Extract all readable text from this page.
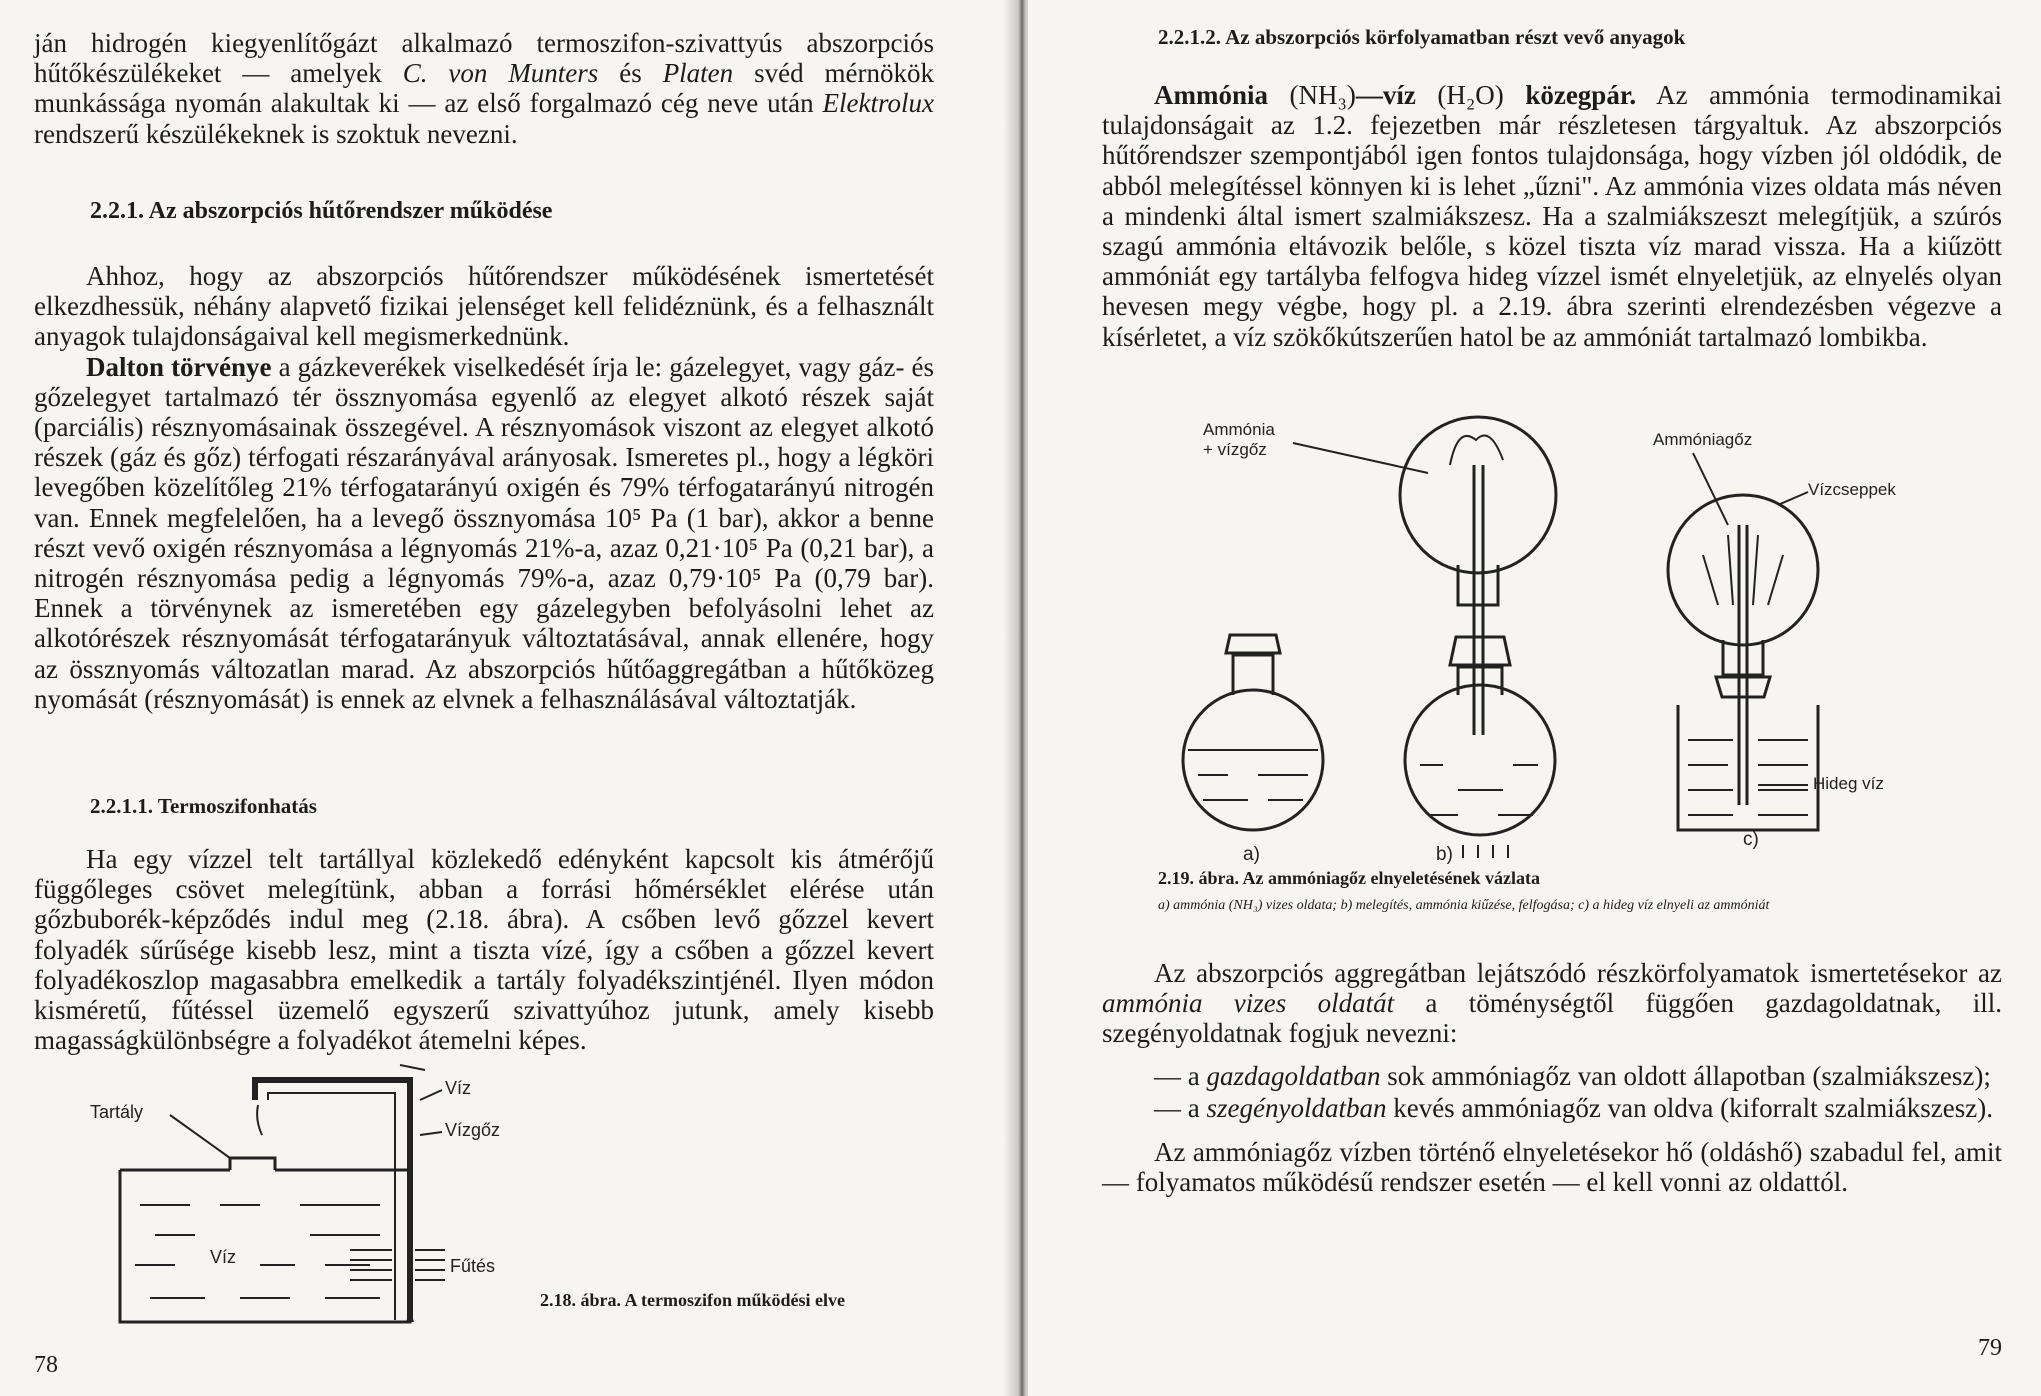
ján hidrogén kiegyenlítőgázt alkalmazó termoszifon-szivattyús abszorpciós hűtőkészülékeket — amelyek C. von Munters és Platen svéd mérnökök munkássága nyomán alakultak ki — az első forgalmazó cég neve után Elektrolux rendszerű készülékeknek is szoktuk nevezni.
2.2.1. Az abszorpciós hűtőrendszer működése

Ahhoz, hogy az abszorpciós hűtőrendszer működésének ismertetését elkezdhessük, néhány alapvető fizikai jelenséget kell felidéznünk, és a felhasznált anyagok tulajdonságaival kell megismerkednünk.

Dalton törvénye a gázkeverékek viselkedését írja le: gázelegyet, vagy gáz- és gőzelegyet tartalmazó tér össznyomása egyenlő az elegyet alkotó részek saját (parciális) résznyomásainak összegével. A résznyomások viszont az elegyet alkotó részek (gáz és gőz) térfogati részarányával arányosak. Ismeretes pl., hogy a légköri levegőben közelítőleg 21% térfogatarányú oxigén és 79% térfogatarányú nitrogén van. Ennek megfelelően, ha a levegő össznyomása 10⁵ Pa (1 bar), akkor a benne részt vevő oxigén résznyomása a légnyomás 21%-a, azaz 0,21·10⁵ Pa (0,21 bar), a nitrogén résznyomása pedig a légnyomás 79%-a, azaz 0,79·10⁵ Pa (0,79 bar). Ennek a törvénynek az ismeretében egy gázelegyben befolyásolni lehet az alkotórészek résznyomását térfogatarányuk változtatásával, annak ellenére, hogy az össznyomás változatlan marad. Az abszorpciós hűtőaggregátban a hűtőközeg nyomását (résznyomását) is ennek az elvnek a felhasználásával változtatják.

2.2.1.1. Termoszifonhatás

Ha egy vízzel telt tartállyal közlekedő edényként kapcsolt kis átmérőjű függőleges csövet melegítünk, abban a forrási hőmérséklet elérése után gőzbuborék-képződés indul meg (2.18. ábra). A csőben levő gőzzel kevert folyadék sűrűsége kisebb lesz, mint a tiszta vízé, így a csőben a gőzzel kevert folyadékoszlop magasabbra emelkedik a tartály folyadékszintjénél. Ilyen módon kisméretű, fűtéssel üzemelő egyszerű szivattyúhoz jutunk, amely kisebb magasságkülönbségre a folyadékot átemelni képes.

Tartály
Víz
Vízgőz
Víz	Fűtés
2.18. ábra. A termoszifon működési elve
78
2.2.1.2. Az abszorpciós körfolyamatban részt vevő anyagok

Ammónia (NH₃)—víz (H₂O) közegpár. Az ammónia termodinamikai tulajdonságait az 1.2. fejezetben már részletesen tárgyaltuk. Az abszorpciós hűtőrendszer szempontjából igen fontos tulajdonsága, hogy vízben jól oldódik, de abból melegítéssel könnyen ki is lehet „űzni". Az ammónia vizes oldata más néven a mindenki által ismert szalmiákszesz. Ha a szalmiákszeszt melegítjük, a szúrós szagú ammónia eltávozik belőle, s közel tiszta víz marad vissza. Ha a kiűzött ammóniát egy tartályba felfogva hideg vízzel ismét elnyeletjük, az elnyelés olyan hevesen megy végbe, hogy pl. a 2.19. ábra szerinti elrendezésben végezve a kísérletet, a víz szökőkútszerűen hatol be az ammóniát tartalmazó lombikba.

Ammónia
+ vízgőz
Ammóniagőz
Vízcseppek
Hideg víz
a)	b)
c)
2.19. ábra. Az ammóniagőz elnyeletésének vázlata
a) ammónia (NH₃) vizes oldata; b) melegítés, ammónia kiűzése, felfogása; c) a hideg víz elnyeli az ammóniát

Az abszorpciós aggregátban lejátszódó részkörfolyamatok ismertetésekor az ammónia vizes oldatát a töménységtől függően gazdagoldatnak, ill. szegényoldatnak fogjuk nevezni:

— a gazdagoldatban sok ammóniagőz van oldott állapotban (szalmiákszesz);

— a szegényoldatban kevés ammóniagőz van oldva (kiforralt szalmiákszesz).

Az ammóniagőz vízben történő elnyeletésekor hő (oldáshő) szabadul fel, amit — folyamatos működésű rendszer esetén — el kell vonni az oldattól.

79
